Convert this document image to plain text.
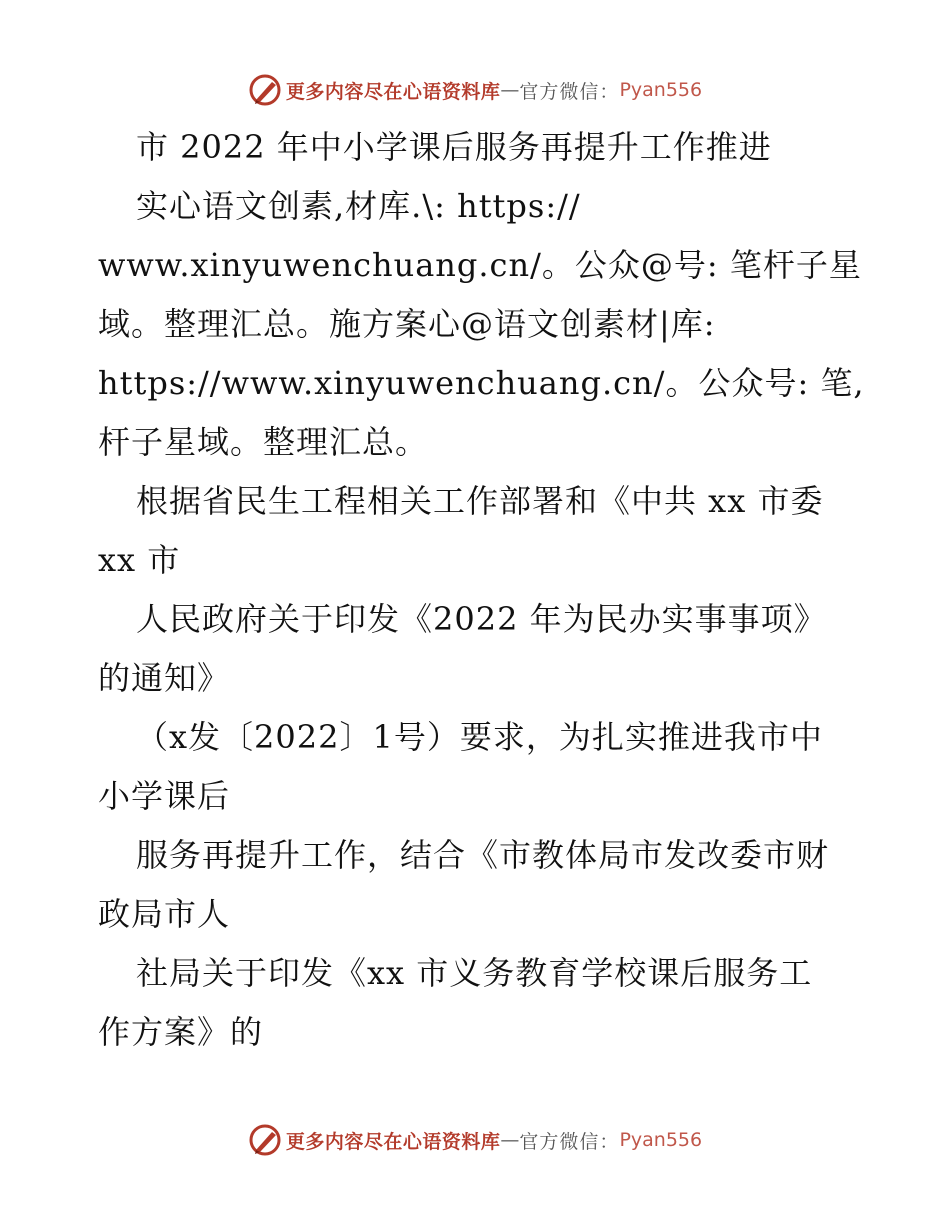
更多内容尽在心语资料库 — 官方微信： Pyan556
市 2022 年中小学课后服务再提升工作推进
实心语文创素,材库.\: https://
www.xinyuwenchuang.cn/。公众@号: 笔杆子星
域。整理汇总。施方案心@语文创素材|库:
https://www.xinyuwenchuang.cn/。公众号: 笔,
杆子星域。整理汇总。
根据省民生工程相关工作部署和《中共 xx 市委
xx 市
人民政府关于印发《2022 年为民办实事事项》
的通知》
（x发〔2022〕1号）要求，为扎实推进我市中
小学课后
服务再提升工作，结合《市教体局市发改委市财
政局市人
社局关于印发《xx 市义务教育学校课后服务工
作方案》的
更多内容尽在心语资料库 — 官方微信： Pyan556
